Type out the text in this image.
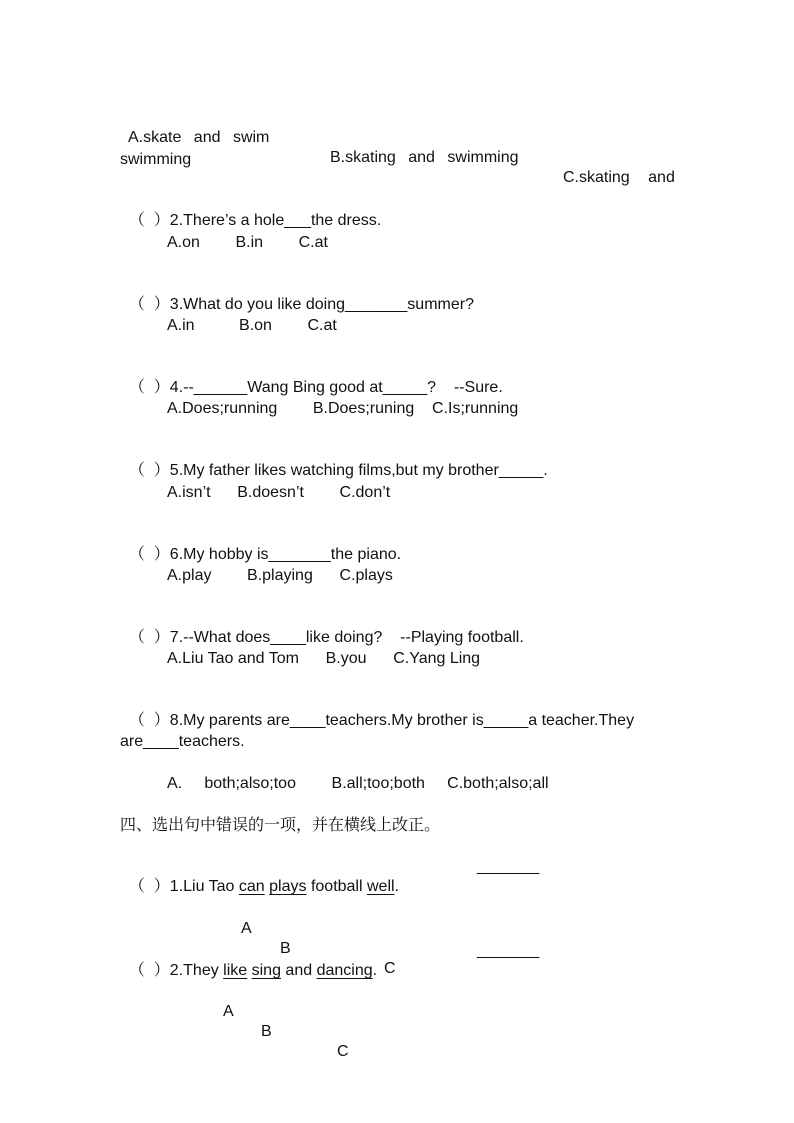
A.skate and swim

B.skating and swimming

C.skating and

swimming

（  ）2.There’s a hole___the dress.

A.on        B.in        C.at

（  ）3.What do you like doing_______summer?

A.in          B.on        C.at

（  ）4.--______Wang Bing good at_____?    --Sure.

A.Does;running        B.Does;runing    C.Is;running

（  ）5.My father likes watching films,but my brother_____.

A.isn’t      B.doesn’t        C.don’t

（  ）6.My hobby is_______the piano.

A.play        B.playing      C.plays

（  ）7.--What does____like doing?    --Playing football.

A.Liu Tao and Tom      B.you      C.Yang Ling

（  ）8.My parents are____teachers.My brother is_____a teacher.They

are____teachers.
A.     both;also;too        B.all;too;both     C.both;also;all
四、选出句中错误的一项，并在横线上改正。

（  ）1.Liu Tao can plays football well.

_______

A

B

C

（  ）2.They like sing and dancing.

_______

A

B

C
